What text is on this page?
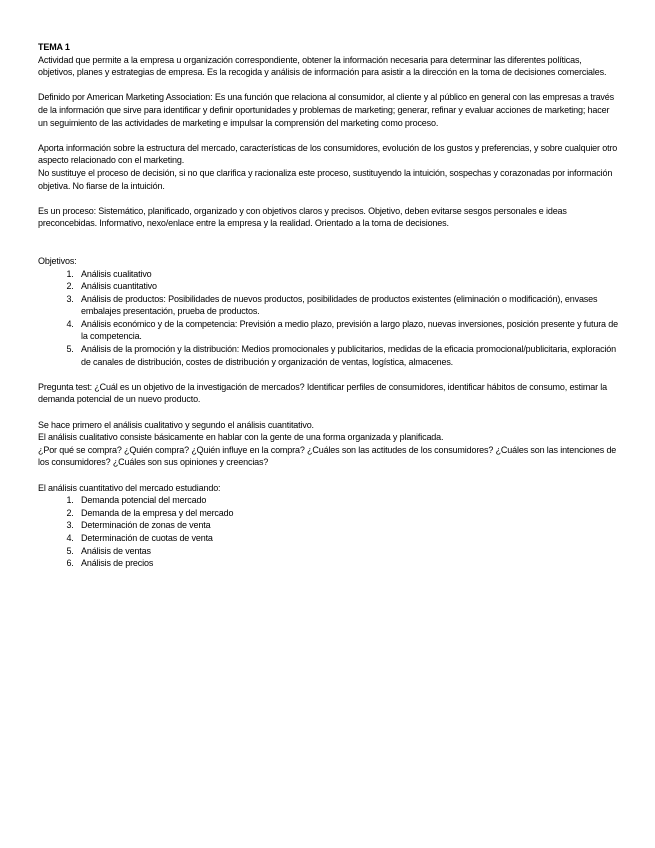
TEMA 1

Actividad que permite a la empresa u organización correspondiente, obtener la información necesaria para determinar las diferentes políticas, objetivos, planes y estrategias de empresa. Es la recogida y análisis de información para asistir a la dirección en la toma de decisiones comerciales.

Definido por American Marketing Association: Es una función que relaciona al consumidor, al cliente y al público en general con las empresas a través de la información que sirve para identificar y definir oportunidades y problemas de marketing; generar, refinar y evaluar acciones de marketing; hacer un seguimiento de las actividades de marketing e impulsar la comprensión del marketing como proceso.

Aporta información sobre la estructura del mercado, características de los consumidores, evolución de los gustos y preferencias, y sobre cualquier otro aspecto relacionado con el marketing.

No sustituye el proceso de decisión, si no que clarifica y racionaliza este proceso, sustituyendo la intuición, sospechas y corazonadas por información objetiva. No fiarse de la intuición.

Es un proceso: Sistemático, planificado, organizado y con objetivos claros y precisos. Objetivo, deben evitarse sesgos personales e ideas preconcebidas. Informativo, nexo/enlace entre la empresa y la realidad. Orientado a la toma de decisiones.

Objetivos:

1. Análisis cualitativo
2. Análisis cuantitativo
3. Análisis de productos: Posibilidades de nuevos productos, posibilidades de productos existentes (eliminación o modificación), envases embalajes presentación, prueba de productos.
4. Análisis económico y de la competencia: Previsión a medio plazo, previsión a largo plazo, nuevas inversiones, posición presente y futura de la competencia.
5. Análisis de la promoción y la distribución: Medios promocionales y publicitarios, medidas de la eficacia promocional/publicitaria, exploración de canales de distribución, costes de distribución y organización de ventas, logística, almacenes.

Pregunta test: ¿Cuál es un objetivo de la investigación de mercados? Identificar perfiles de consumidores, identificar hábitos de consumo, estimar la demanda potencial de un nuevo producto.

Se hace primero el análisis cualitativo y segundo el análisis cuantitativo.

El análisis cualitativo consiste básicamente en hablar con la gente de una forma organizada y planificada.

¿Por qué se compra? ¿Quién compra? ¿Quién influye en la compra? ¿Cuáles son las actitudes de los consumidores? ¿Cuáles son las intenciones de los consumidores? ¿Cuáles son sus opiniones y creencias?

El análisis cuantitativo del mercado estudiando:

1. Demanda potencial del mercado
2. Demanda de la empresa y del mercado
3. Determinación de zonas de venta
4. Determinación de cuotas de venta
5. Análisis de ventas
6. Análisis de precios
